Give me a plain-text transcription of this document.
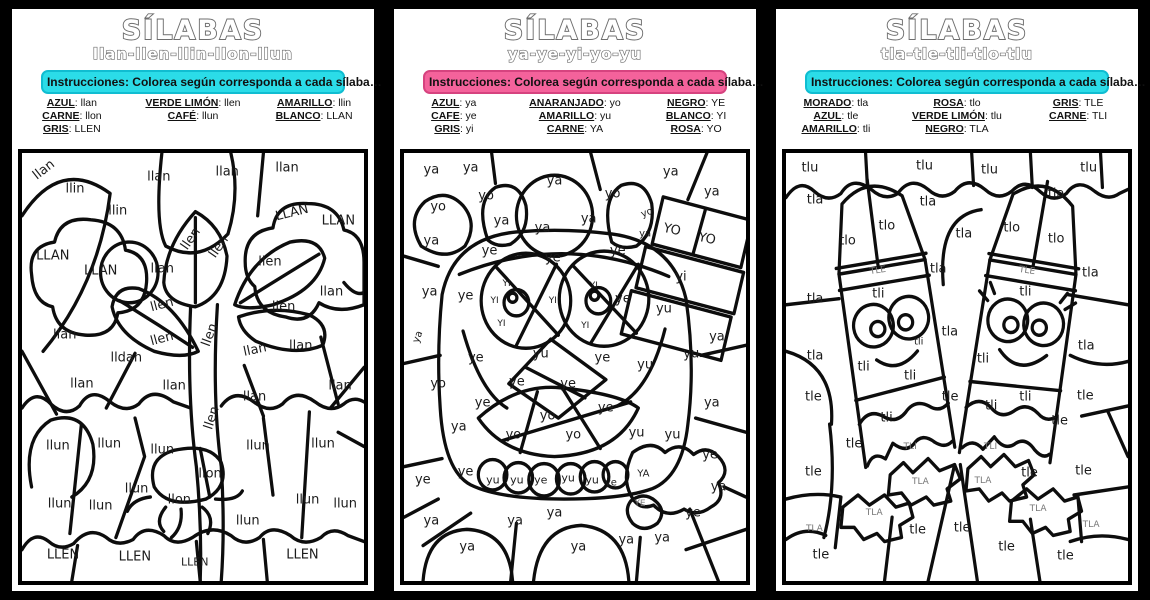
SÍLABAS
llan-llen-llin-llon-llun
Instrucciones: Colorea según corresponda a cada sílaba…
AZUL: llan	VERDE LIMÓN: llen	AMARILLO: llin
CARNE: llon	CAFÉ: llun	BLANCO: LLAN
GRIS: LLEN
llan
llin
llan	llan	llan
llin	LLAN LLAN
llen llen
LLAN
LLAN	llan	llen
llan
llen
llen
llan	llen llen
llan llan
lldan
llan	llan
llan
llan
llen
llun llun llun	llun	llun
llon
llun
llon
llun llun	llun llun
llun
LLEN	LLEN	LLEN	LLEN
SÍLABAS
ya-ye-yi-yo-yu
Instrucciones: Colorea según corresponda a cada sílaba…
AZUL: ya	ANARANJADO: yo	NEGRO: YE
CAFE: ye	AMARILLO: yu	BLANCO: YI
GRIS: yi	CARNE: YA	ROSA: YO
ya ya
ya
yo
ya
ya
yo
yo
ya ya
ya	yo
ya YO YO
ya
ye	ye	ye
yi
ya ye
YI
YI
YI
YI
YI
YI
ye
yu
ya	ya
ye	yu	ye yu
yu
yo	ye	ye
ye	ye
ya
yo
yo	yo	yu yu
ya
ye
ye
yu yu ye yu yu ye
YA
ye
ya
YE
ye
ya	ya
ya
ya ya
ya	ya
SÍLABAS
tla-tle-tli-tlo-tlu
Instrucciones: Colorea según corresponda a cada sílaba…
MORADO: tla	ROSA: tlo	GRIS: TLE
AZUL: tle	VERDE LIMÓN: tlu	CARNE: TLI
AMARILLO: tli	NEGRO: TLA
tlu	tlu	tlu	tlu
tla	tla
tla
tlo
tlo
tla tlo
tlo
TLE	tla	TLE	tla
tla	tli	tli
tli
tla
tla
tla	tli
tli
tli
tle
tli
tli	tle
tle
tli	tle
tle	TLI	TLI
tle	tle	tle
TLA	TLA
TLA	TLA
TLA	TLA
tle tle
tle
tle	tle
